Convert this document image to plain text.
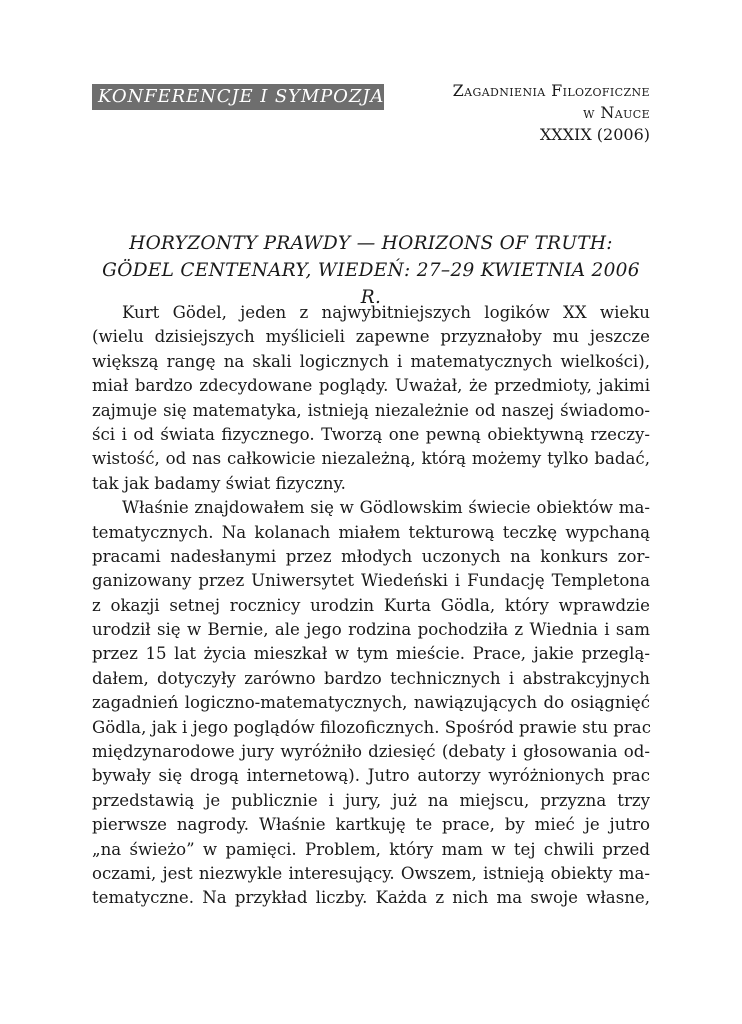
KONFERENCJE I SYMPOZJA	Zagadnienia Filozoficzne
w Nauce
XXXIX (2006)
HORYZONTY PRAWDY — HORIZONS OF TRUTH:
GÖDEL CENTENARY, WIEDEŃ: 27–29 KWIETNIA 2006 R.
Kurt Gödel, jeden z najwybitniejszych logików XX wieku
(wielu dzisiejszych myślicieli zapewne przyznałoby mu jeszcze
większą rangę na skali logicznych i matematycznych wielkości),
miał bardzo zdecydowane poglądy. Uważał, że przedmioty, jakimi
zajmuje się matematyka, istnieją niezależnie od naszej świadomo-
ści i od świata fizycznego. Tworzą one pewną obiektywną rzeczy-
wistość, od nas całkowicie niezależną, którą możemy tylko badać,
tak jak badamy świat fizyczny.
Właśnie znajdowałem się w Gödlowskim świecie obiektów ma-
tematycznych. Na kolanach miałem tekturową teczkę wypchaną
pracami nadesłanymi przez młodych uczonych na konkurs zor-
ganizowany przez Uniwersytet Wiedeński i Fundację Templetona
z okazji setnej rocznicy urodzin Kurta Gödla, który wprawdzie
urodził się w Bernie, ale jego rodzina pochodziła z Wiednia i sam
przez 15 lat życia mieszkał w tym mieście. Prace, jakie przeglą-
dałem, dotyczyły zarówno bardzo technicznych i abstrakcyjnych
zagadnień logiczno-matematycznych, nawiązujących do osiągnięć
Gödla, jak i jego poglądów filozoficznych. Spośród prawie stu prac
międzynarodowe jury wyróżniło dziesięć (debaty i głosowania od-
bywały się drogą internetową). Jutro autorzy wyróżnionych prac
przedstawią je publicznie i jury, już na miejscu, przyzna trzy
pierwsze nagrody. Właśnie kartkuję te prace, by mieć je jutro
„na świeżo” w pamięci. Problem, który mam w tej chwili przed
oczami, jest niezwykle interesujący. Owszem, istnieją obiekty ma-
tematyczne. Na przykład liczby. Każda z nich ma swoje własne,
